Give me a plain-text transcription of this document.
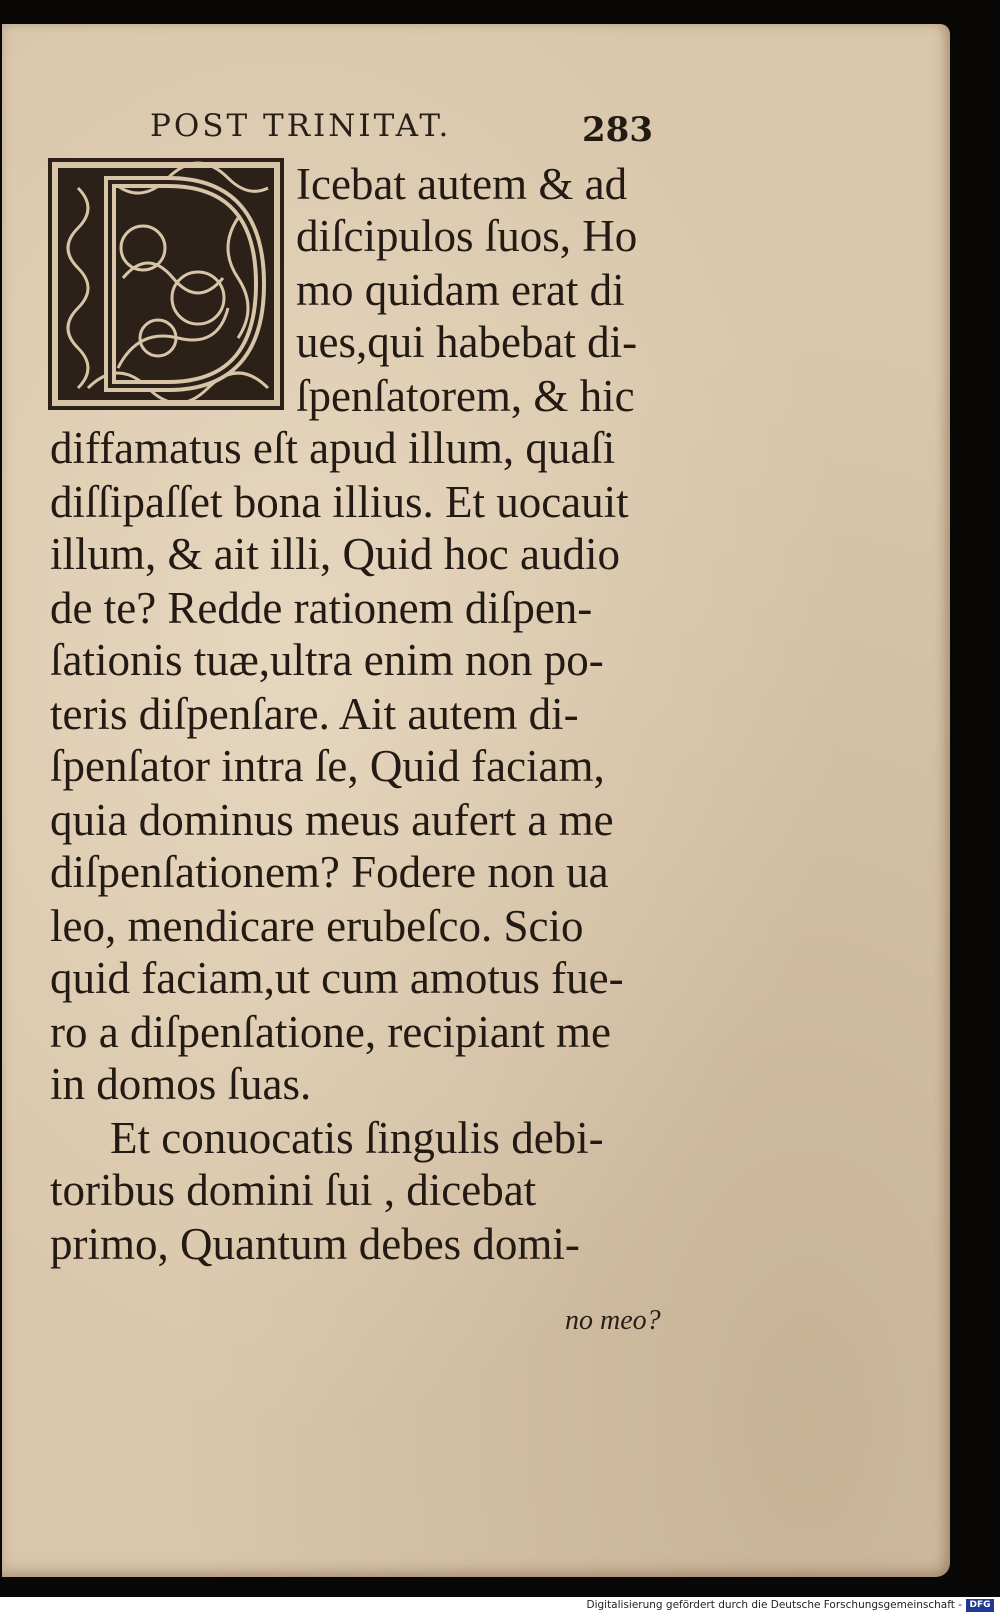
POST TRINITAT.	283
Icebat autem & ad
diſcipulos ſuos, Ho
mo quidam erat di
ues,qui habebat di-
ſpenſatorem, & hic
diffamatus eſt apud illum, quaſi
diſſipaſſet bona illius. Et uocauit
illum, & ait illi, Quid hoc audio
de te? Redde rationem diſpen-
ſationis tuæ,ultra enim non po-
teris diſpenſare. Ait autem di-
ſpenſator intra ſe, Quid faciam,
quia dominus meus aufert a me
diſpenſationem? Fodere non ua
leo, mendicare erubeſco. Scio
quid faciam,ut cum amotus fue-
ro a diſpenſatione, recipiant me
in domos ſuas.
Et conuocatis ſingulis debi-
toribus domini ſui , dicebat
primo, Quantum debes domi-
no meo?
Digitalisierung gefördert durch die Deutsche Forschungsgemeinschaft - DFG
